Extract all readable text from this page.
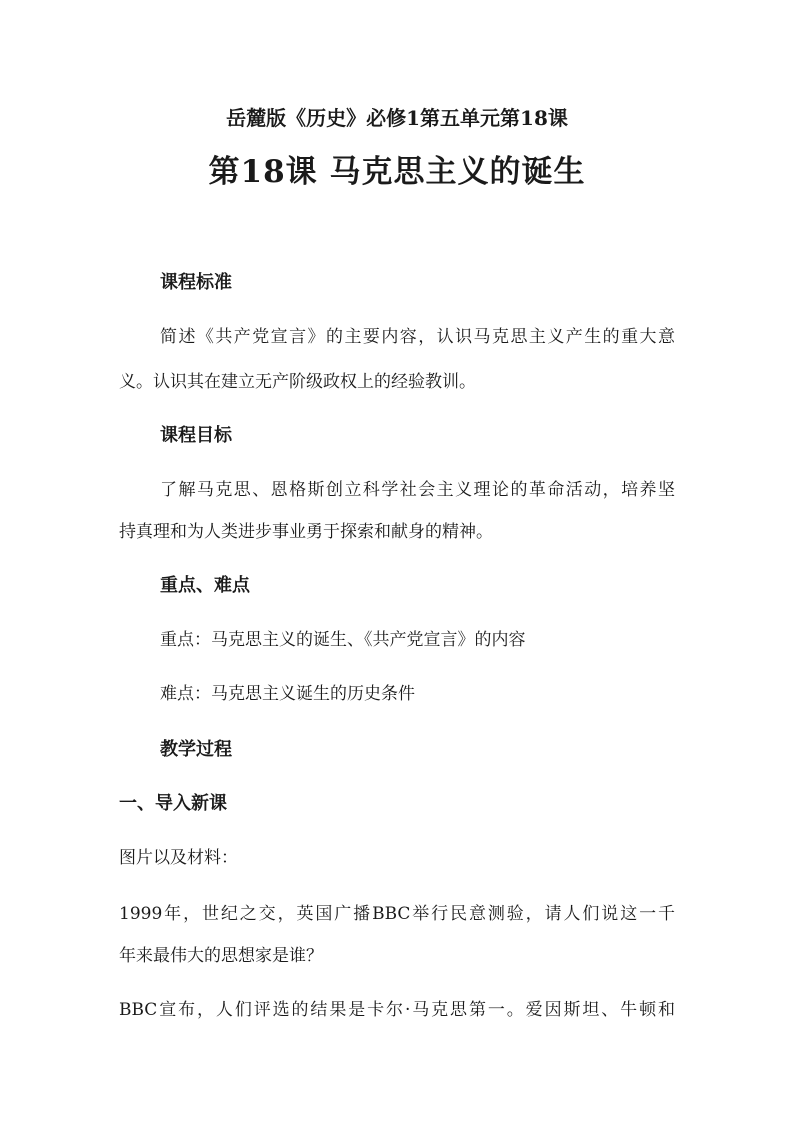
岳麓版《历史》必修1第五单元第18课
第18课 马克思主义的诞生
课程标准
简述《共产党宣言》的主要内容，认识马克思主义产生的重大意
义。认识其在建立无产阶级政权上的经验教训。
课程目标
了解马克思、恩格斯创立科学社会主义理论的革命活动，培养坚
持真理和为人类进步事业勇于探索和献身的精神。
重点、难点
重点：马克思主义的诞生、《共产党宣言》的内容
难点：马克思主义诞生的历史条件
教学过程
一、导入新课
图片以及材料：
1999年，世纪之交，英国广播BBC举行民意测验，请人们说这一千
年来最伟大的思想家是谁？
BBC宣布，人们评选的结果是卡尔·马克思第一。爱因斯坦、牛顿和
